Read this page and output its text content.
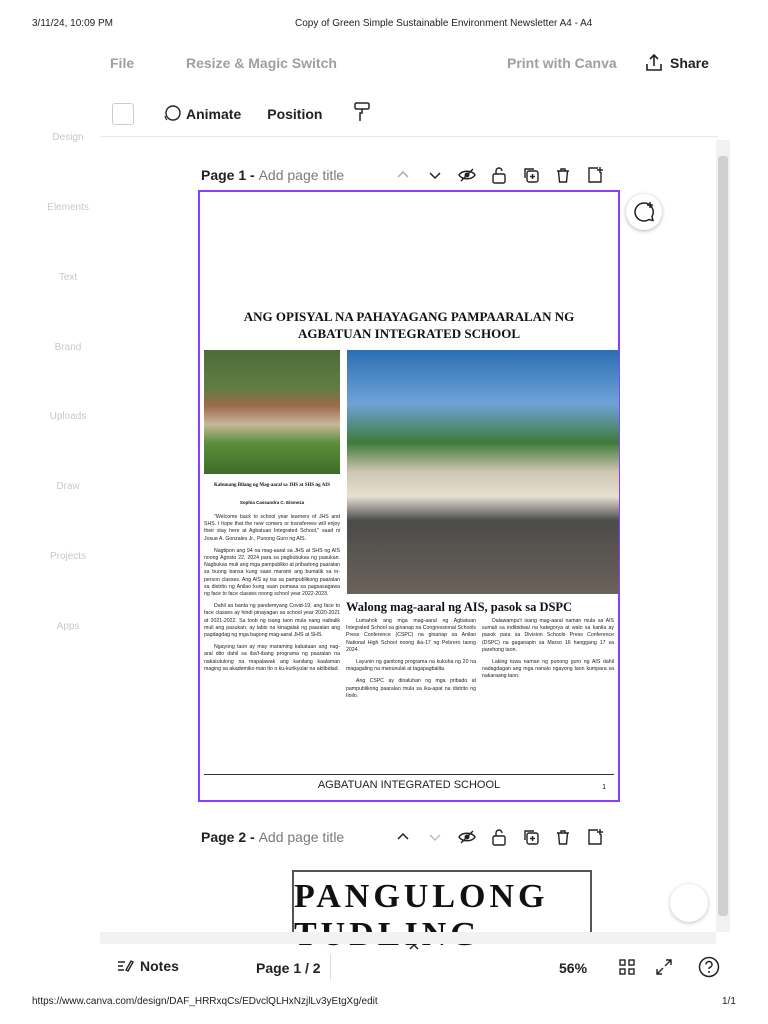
3/11/24, 10:09 PM	Copy of Green Simple Sustainable Environment Newsletter A4 - A4
File	Resize & Magic Switch	Print with Canva	Share
Animate Position
Design
Elements
Text
Brand
Uploads
Draw
Projects
Apps
Page 1 - Add page title
ANG OPISYAL NA PAHAYAGANG PAMPAARALAN NG
AGBATUAN INTEGRATED SCHOOL
Kabuuang Bilang ng Mag-aaral sa JHS at SHS ng AIS
Sophia Cassandra C. Eismeza

"Welcome back to school year learners of JHS and SHS. I hope that the new comers or transferees will enjoy their stay here at Agbatuan Integrated School," saad ni Josue A. Gonzales Jr., Punong Guro ng AIS.

Nagtipon ang 94 na mag-aaral sa JHS at SHS ng AIS noong Agosto 22, 2024 para sa pagbubukas ng pasukan. Nagbukas muli ang mga pampubliko at pribadong paaralan sa buong bansa kung saan marami ang bumalik sa in-person classes. Ang AIS ay isa sa pampublikong paaralan sa distrito ng Anilao kung saan pumasa sa pagsasagawa ng face to face classes noong school year 2022-2023.

Dahil sa banta ng pandemyang Covid-19, ang face to face classes ay hindi pinayagan sa school year 2020-2021 at 2021-2022. Sa loob ng isang taon mula nang naibalik muli ang pasukan, ay labis na kinagalak ng paaralan ang pagdagdag ng mga bagong mag-aaral JHS at SHS.

Ngayong taon ay may maraming kabataan ang nag-aral dito dahil sa iba't-ibang programa ng paaralan na nakatutulong na mapalawak ang kanilang kaalaman maging sa akademiko man ito o ku-kurikyular na aktibidad.

Walong mag-aaral ng AIS, pasok sa DSPC

Lumahok ang mga mag-aaral ng Agbatuan Integrated School sa ginanap na Congressional Schools Press Conference (CSPC) na ginanap sa Anilao National High School noong ika-17 ng Pebrero taong 2024.

Layunin ng ganitong programa na kukuha ng 20 na magagaling na manunulat at tagapagbalita.

Ang CSPC ay dinaluhan ng mga pribado at pampublikong paaralan mula sa ika-apat na distrito ng Iloilo.

Dalawampu't isang mag-aaral naman mula sa AIS sumali sa indibidwal na kategorya at walo sa kanila ay pasok para sa Division Schools Press Conference (DSPC) na gaganapin sa Marso 16 hanggang 17 sa parehong taon.

Laking tuwa naman ng punong guro ng AIS dahil nadagdagan ang mga nanalo ngayong taon kumpara sa nakaraang taon.

AGBATUAN INTEGRATED SCHOOL	1
Page 2 - Add page title
PANGULONG
Notes	Page 1 / 2	56%
https://www.canva.com/design/DAF_HRRxqCs/EDvclQLHxNzjlLv3yEtgXg/edit	1/1
